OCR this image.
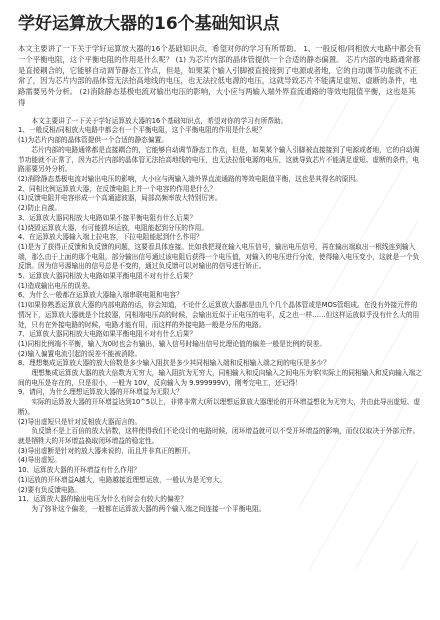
学好运算放大器的16个基础知识点

本文主要讲了一下关于学好运算放大器的16个基础知识点，希望对你的学习有所帮助。 1、一般反相/同相放大电路中都会有一个平衡电阻，这个平衡电阻的作用是什么呢？ (1) 为芯片内部的晶体管提供一个合适的静态偏置。 芯片内部的电路通常都是直接耦合的，它能够自动调节静态工作点，但是，如果某个输入引脚被直接接到了电源或者地，它的自动调节功能就不正常了，因为芯片内部的晶体管无法抬高地线的电压，也无法拉低电源的电压，这就导致芯片不能满足虚短、虚断的条件，电路需要另外分析。 (2)消除静态基极电流对输出电压的影响，大小应与两输入端外界直流通路的等效电阻值平衡，这也是其得

本文主要讲了一下关于学好运算放大器的16个基础知识点，希望对你的学习有所帮助。

1、一般反相/同相放大电路中都会有一个平衡电阻，这个平衡电阻的作用是什么呢？

(1)为芯片内部的晶体管提供一个合适的静态偏置。

芯片内部的电路通常都是直接耦合的，它能够自动调节静态工作点，但是，如果某个输入引脚被直接接到了电源或者地，它的自动调节功能就不正常了，因为芯片内部的晶体管无法抬高地线的电压，也无法拉低电源的电压，这就导致芯片不能满足虚短、虚断的条件，电路需要另外分析。

(2)消除静态基极电流对输出电压的影响，大小应与两输入端外界直流通路的等效电阻值平衡，这也是其得名的原因。

2、同相比例运算放大器，在反馈电阻上并一个电容的作用是什么？

(1)反馈电阻并电容形成一个高通滤波器，局部高频率放大特别厉害。

(2)防止自激。

3、运算放大器同相放大电路如果不接平衡电阻有什么后果？

(1)烧毁运算放大器，有可能损坏运放，电阻能起到分压的作用。

4、在运算放大器输入端上拉电容，下拉电阻能起到什么作用？

(1)是为了获得正反馈和负反馈的问题，这要看具体连接。比如我把现在输入电压信号，输出电压信号，再在输出端取出一根线连到输入端，那么由于上面的那个电阻，部分输出信号通过该电阻后获得一个电压值，对输入的电压进行分流，使得输入电压变小，这就是一个负反馈。因为信号源输出的信号总是不变的，通过负反馈可以对输出的信号进行矫正。

5、运算放大器同相放大电路如果平衡电阻不对有什么后果？

(1)造成输出电压的误差。

6、为什么一般都在运算放大器输入端串联电阻和电容？

(1)如果你熟悉运算放大器的内部电路的话，你会知道，不论什么运算放大器都是由几个几个晶体管或是MOS管组成。在没有外接元件的情况下，运算放大器就是个比较器，同相端电压高的时候，会输出近似于正电压的电平，反之也一样……但这样运放似乎没有什么大的用处，只有在外接电路的时候，电路才能有用，而这样的外接电路一般是分压的电路。

7、运算放大器同相放大电路如果平衡电阻不对有什么后果？

(1)同相比例端不平衡，输入为0时也会有输出，输入信号时输出信号比理论值的偏差一般是比例的误差。

(2)输入偏置电流引起的误差不能被消除。

8、理想集成运算放大器的放大倍数是多少输入阻抗是多少其同相输入端和反相输入端之间的电压是多少？

理想集成运算放大器的放大倍数为无穷大，输入阻抗为无穷大，同相输入和反向输入之间电压为零(实际上的同相输入和反向输入端之间的电压是存在的，只是很小，一般为 10V，反向输入为 9.999999V)，刚考完电工，还记得！

9、请问，为什么理想运算放大器的开环增益为无限大？

实际的运算放大器的开环增益达到10^5以上，非常非常大(所以理想运算放大器理论的开环增益想化为无穷大，并由此导出虚短、虚断)。

(2)导出虚短只是针对反相放大器而言的。

负反馈不是上百倍的放大倍数，这样使得我们不论设计的电路时候，闭环增益就可以不受开环增益的影响，而仅仅取决于外部元件。就是牺牲大的开环增益换取闭环增益的稳定性。

(3)导出虚断是针对的放大器来说的，而且并非真正的断开。

(4)导出虚短。

10、运算放大器的开环增益有什么作用？

(1)运放的开环增益A越大，电路越接近理想运放，一般认为是无穷大。

(2)要有负反馈电路。

11、运算放大器的输出电压为什么有时会有较大的偏差？

为了弥补这个偏差，一般都在运算放大器的两个输入端之间连接一个平衡电阻。
